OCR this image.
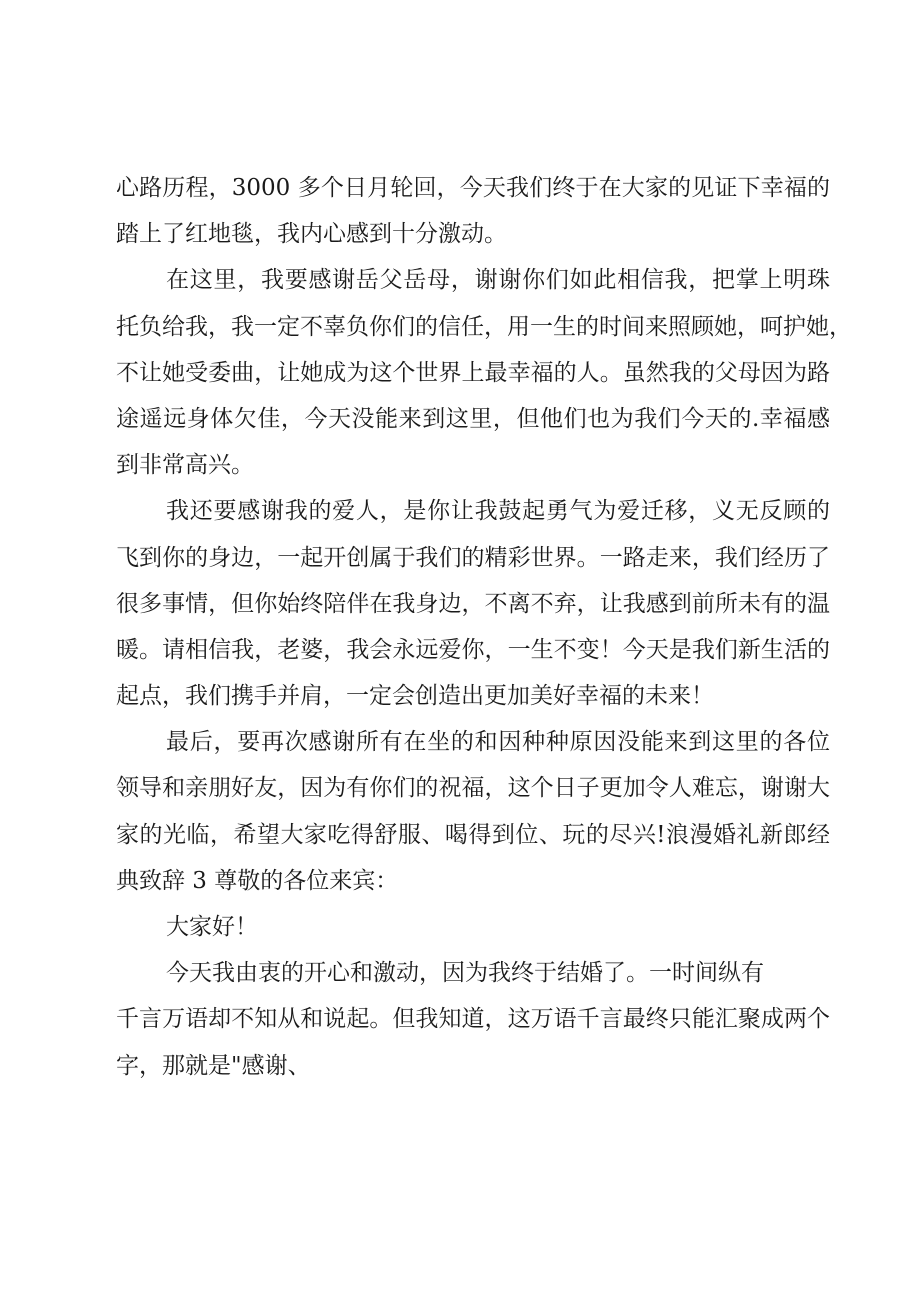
心路历程，3000 多个日月轮回，今天我们终于在大家的见证下幸福的
踏上了红地毯，我内心感到十分激动。
在这里，我要感谢岳父岳母，谢谢你们如此相信我，把掌上明珠
托负给我，我一定不辜负你们的信任，用一生的时间来照顾她，呵护她，
不让她受委曲，让她成为这个世界上最幸福的人。虽然我的父母因为路
途遥远身体欠佳，今天没能来到这里，但他们也为我们今天的.幸福感
到非常高兴。
我还要感谢我的爱人，是你让我鼓起勇气为爱迁移，义无反顾的
飞到你的身边，一起开创属于我们的精彩世界。一路走来，我们经历了
很多事情，但你始终陪伴在我身边，不离不弃，让我感到前所未有的温
暖。请相信我，老婆，我会永远爱你，一生不变！今天是我们新生活的
起点，我们携手并肩，一定会创造出更加美好幸福的未来！
最后，要再次感谢所有在坐的和因种种原因没能来到这里的各位
领导和亲朋好友，因为有你们的祝福，这个日子更加令人难忘，谢谢大
家的光临，希望大家吃得舒服、喝得到位、玩的尽兴!浪漫婚礼新郎经
典致辞 3 尊敬的各位来宾：
大家好！
今天我由衷的开心和激动，因为我终于结婚了。一时间纵有
千言万语却不知从和说起。但我知道，这万语千言最终只能汇聚成两个
字，那就是"感谢、
